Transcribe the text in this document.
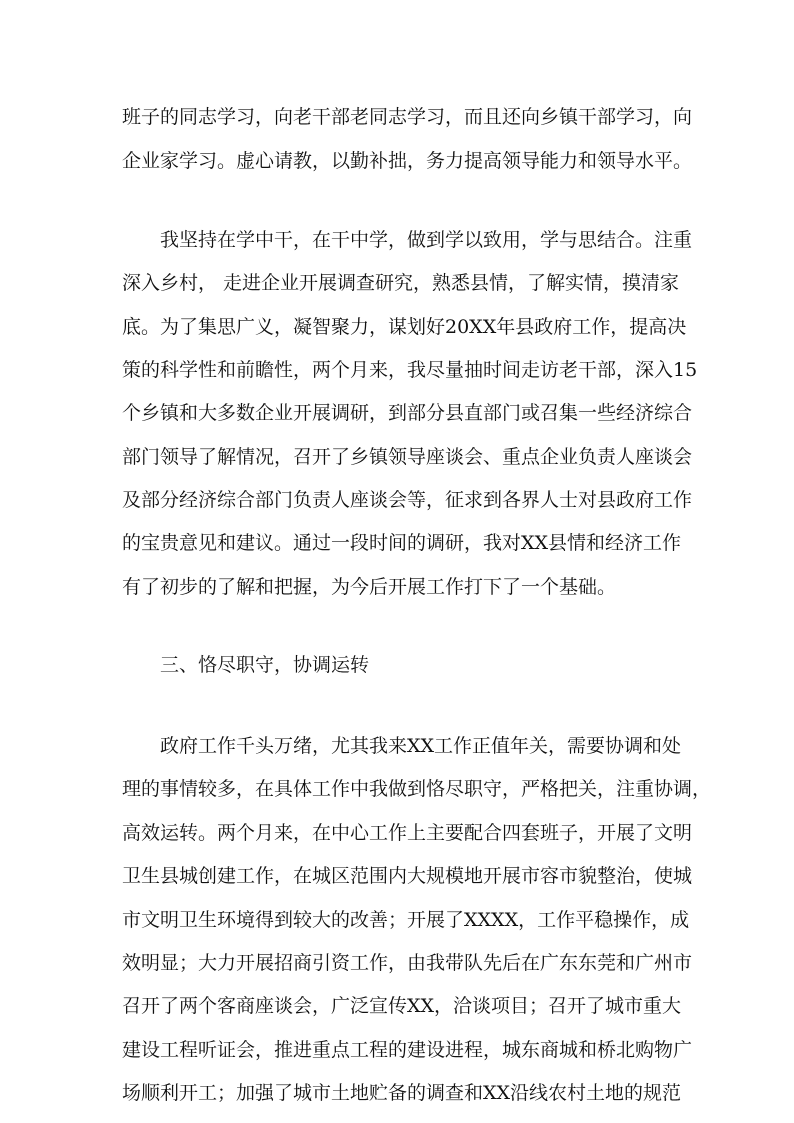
班子的同志学习，向老干部老同志学习，而且还向乡镇干部学习，向
企业家学习。虚心请教，以勤补拙，务力提高领导能力和领导水平。
我坚持在学中干，在干中学，做到学以致用，学与思结合。注重
深入乡村， 走进企业开展调查研究，熟悉县情，了解实情，摸清家
底。为了集思广义，凝智聚力，谋划好20XX年县政府工作，提高决
策的科学性和前瞻性，两个月来，我尽量抽时间走访老干部，深入15
个乡镇和大多数企业开展调研，到部分县直部门或召集一些经济综合
部门领导了解情况，召开了乡镇领导座谈会、重点企业负责人座谈会
及部分经济综合部门负责人座谈会等，征求到各界人士对县政府工作
的宝贵意见和建议。通过一段时间的调研，我对XX县情和经济工作
有了初步的了解和把握，为今后开展工作打下了一个基础。
三、恪尽职守，协调运转
政府工作千头万绪，尤其我来XX工作正值年关，需要协调和处
理的事情较多，在具体工作中我做到恪尽职守，严格把关，注重协调，
高效运转。两个月来，在中心工作上主要配合四套班子，开展了文明
卫生县城创建工作，在城区范围内大规模地开展市容市貌整治，使城
市文明卫生环境得到较大的改善；开展了XXXX，工作平稳操作，成
效明显；大力开展招商引资工作，由我带队先后在广东东莞和广州市
召开了两个客商座谈会，广泛宣传XX，洽谈项目；召开了城市重大
建设工程听证会，推进重点工程的建设进程，城东商城和桥北购物广
场顺利开工；加强了城市土地贮备的调查和XX沿线农村土地的规范
